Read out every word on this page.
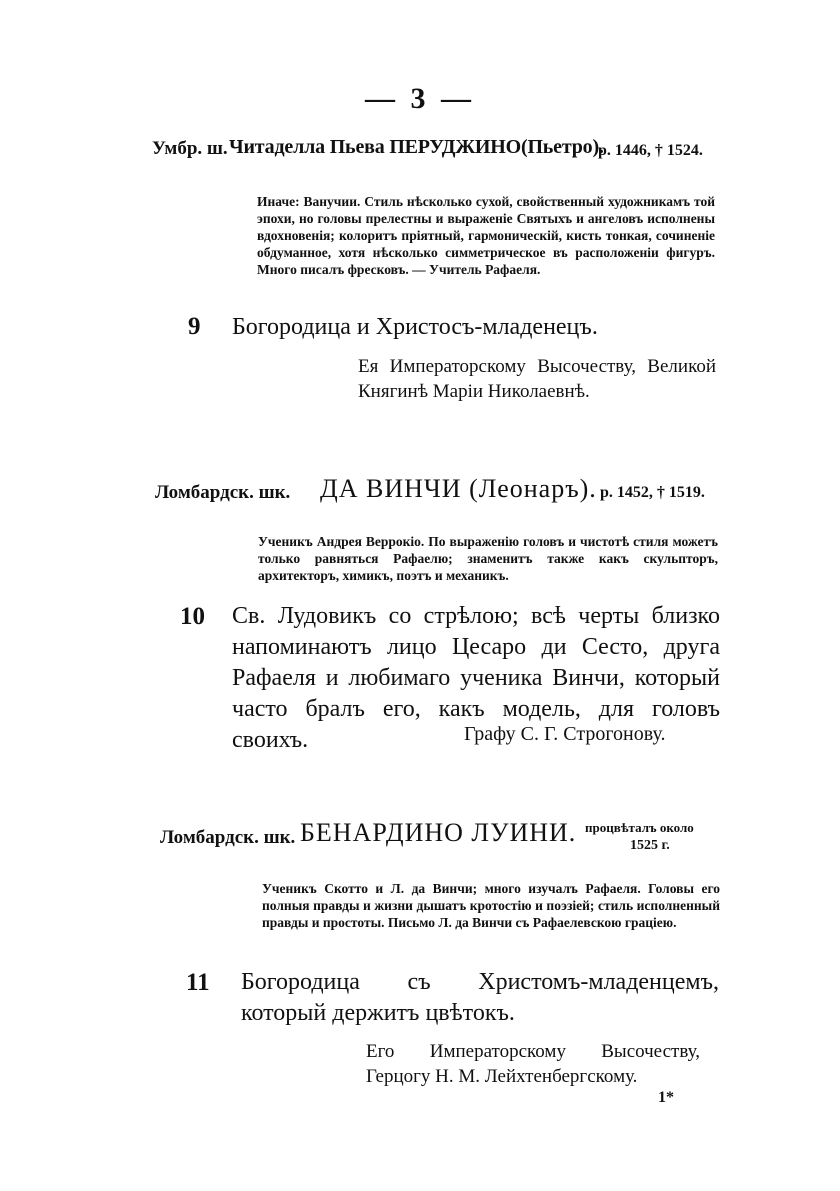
— 3 —
Умбр. ш. Читаделла Пьева ПЕРУДЖИНО(Пьетро).
р. 1446, † 1524.
Иначе: Ванучии. Стиль нѣсколько сухой, свойственный художникамъ той эпохи, но головы прелестны и выраженіе Святыхъ и ангеловъ исполнены вдохновенія; колоритъ пріятный, гармоническій, кисть тонкая, сочиненіе обдуманное, хотя нѣсколько симметрическое въ расположеніи фигуръ. Много писалъ фресковъ. — Учитель Рафаеля.
9 Богородица и Христосъ-младенецъ.
Ея Императорскому Высочеству, Великой Княгинѣ Маріи Николаевнѣ.
Ломбардск. шк. ДА ВИНЧИ (Леонаръ). р. 1452, † 1519.
Ученикъ Андрея Веррокіо. По выраженію головъ и чистотѣ стиля можетъ только равняться Рафаелю; знаменитъ также какъ скульпторъ, архитекторъ, химикъ, поэтъ и механикъ.
10 Св. Лудовикъ со стрѣлою; всѣ черты близко напоминаютъ лицо Цесаро ди Сесто, друга Рафаеля и любимаго ученика Винчи, который часто бралъ его, какъ модель, для головъ своихъ.	Графу С. Г. Строгонову.
Ломбардск. шк. БЕНАРДИНО ЛУИНИ. процвѣталъ около
1525 г.
Ученикъ Скотто и Л. да Винчи; много изучалъ Рафаеля. Головы его полныя правды и жизни дышатъ кротостію и поэзіей; стиль исполненный правды и простоты. Письмо Л. да Винчи съ Рафаелевскою граціею.
11 Богородица съ Христомъ-младенцемъ, который держитъ цвѣтокъ.
Его Императорскому Высочеству, Герцогу Н. М. Лейхтенбергскому.
1*
